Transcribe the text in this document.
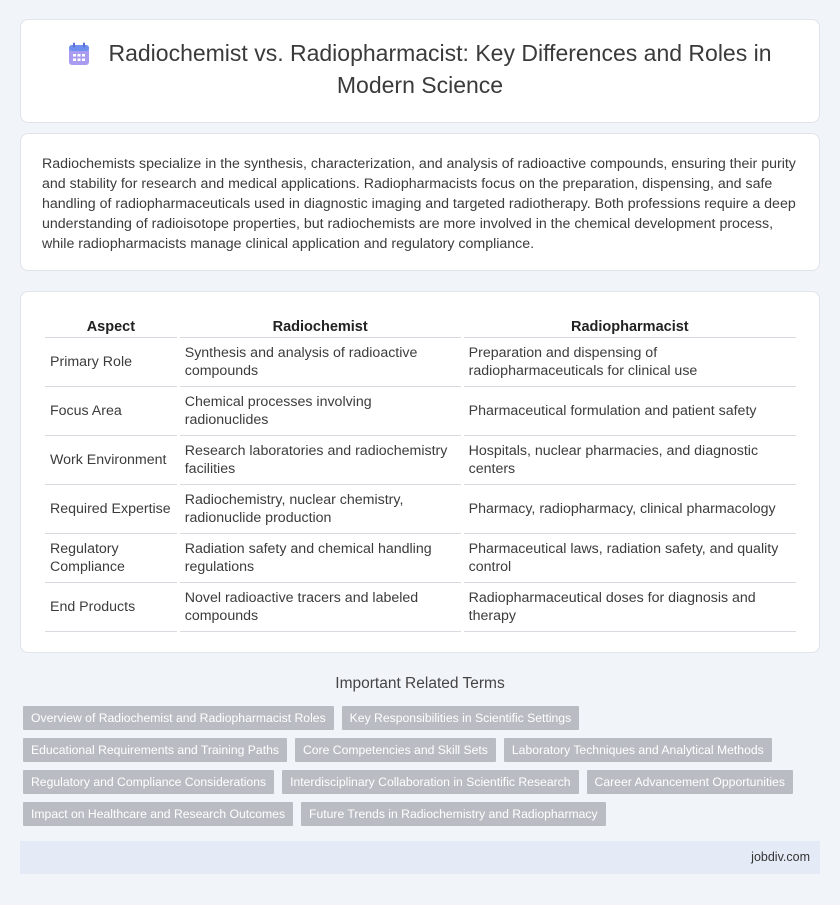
Radiochemist vs. Radiopharmacist: Key Differences and Roles in Modern Science

Radiochemists specialize in the synthesis, characterization, and analysis of radioactive compounds, ensuring their purity and stability for research and medical applications. Radiopharmacists focus on the preparation, dispensing, and safe handling of radiopharmaceuticals used in diagnostic imaging and targeted radiotherapy. Both professions require a deep understanding of radioisotope properties, but radiochemists are more involved in the chemical development process, while radiopharmacists manage clinical application and regulatory compliance.

Aspect	Radiochemist	Radiopharmacist
Primary Role	Synthesis and analysis of radioactive compounds	Preparation and dispensing of radiopharmaceuticals for clinical use
Focus Area	Chemical processes involving radionuclides	Pharmaceutical formulation and patient safety
Work Environment	Research laboratories and radiochemistry facilities	Hospitals, nuclear pharmacies, and diagnostic centers
Required Expertise	Radiochemistry, nuclear chemistry, radionuclide production	Pharmacy, radiopharmacy, clinical pharmacology
Regulatory Compliance	Radiation safety and chemical handling regulations	Pharmaceutical laws, radiation safety, and quality control
End Products	Novel radioactive tracers and labeled compounds	Radiopharmaceutical doses for diagnosis and therapy
Important Related Terms
Overview of Radiochemist and Radiopharmacist Roles	Key Responsibilities in Scientific Settings
Educational Requirements and Training Paths	Core Competencies and Skill Sets	Laboratory Techniques and Analytical Methods
Regulatory and Compliance Considerations	Interdisciplinary Collaboration in Scientific Research	Career Advancement Opportunities
Impact on Healthcare and Research Outcomes	Future Trends in Radiochemistry and Radiopharmacy
jobdiv.com
